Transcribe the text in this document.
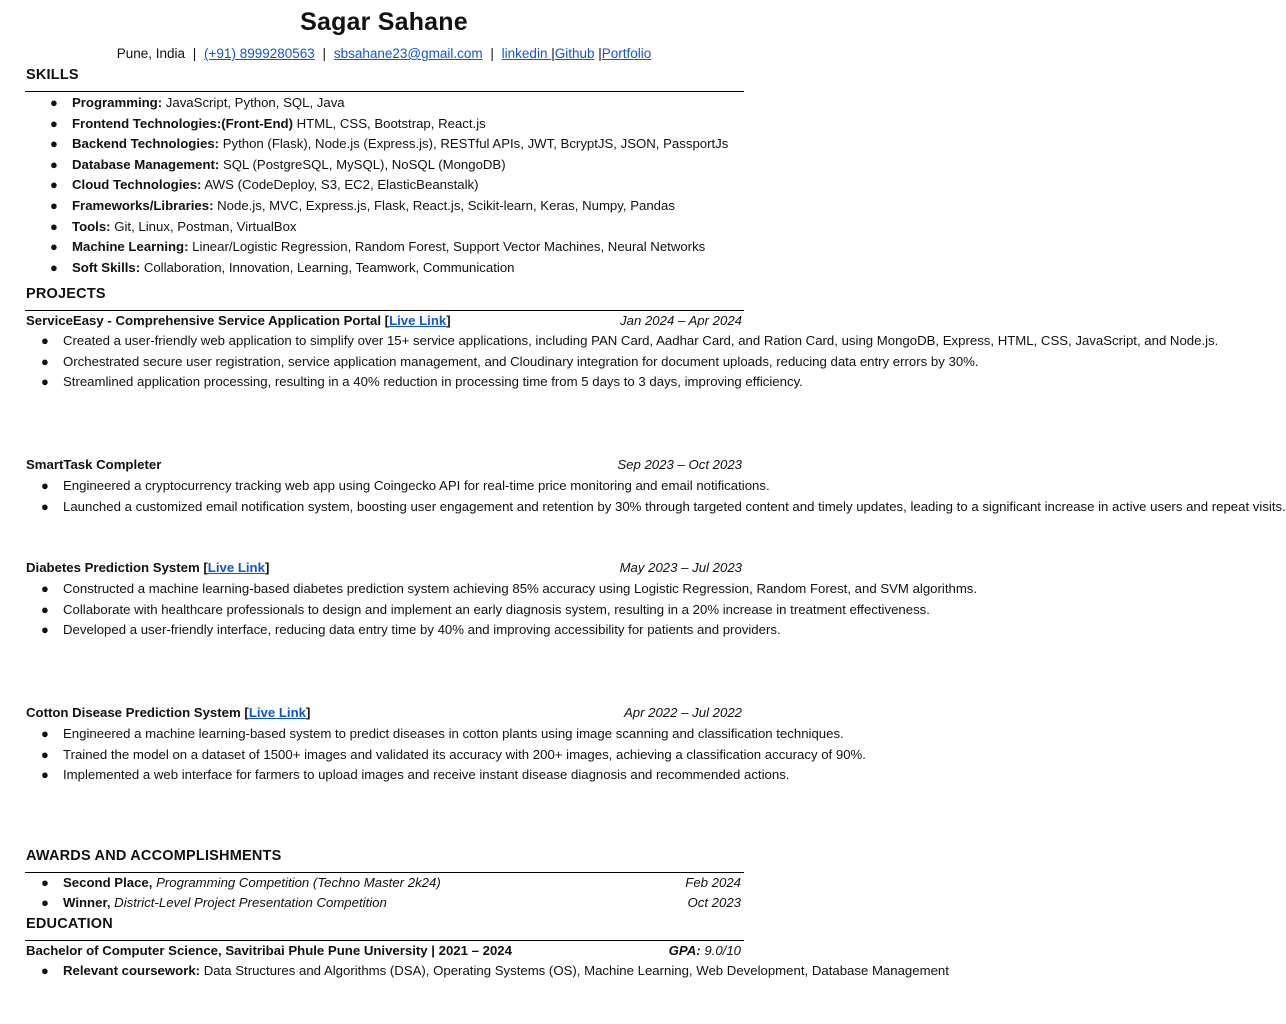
Sagar Sahane
Pune, India | (+91) 8999280563 | sbsahane23@gmail.com | linkedin |Github |Portfolio
SKILLS
● Programming: JavaScript, Python, SQL, Java
● Frontend Technologies:(Front-End) HTML, CSS, Bootstrap, React.js
● Backend Technologies: Python (Flask), Node.js (Express.js), RESTful APIs, JWT, BcryptJS, JSON, PassportJs
● Database Management: SQL (PostgreSQL, MySQL), NoSQL (MongoDB)
● Cloud Technologies: AWS (CodeDeploy, S3, EC2, ElasticBeanstalk)
● Frameworks/Libraries: Node.js, MVC, Express.js, Flask, React.js, Scikit-learn, Keras, Numpy, Pandas
● Tools: Git, Linux, Postman, VirtualBox
● Machine Learning: Linear/Logistic Regression, Random Forest, Support Vector Machines, Neural Networks
● Soft Skills: Collaboration, Innovation, Learning, Teamwork, Communication
PROJECTS
ServiceEasy - Comprehensive Service Application Portal [Live Link]	Jan 2024 – Apr 2024
● Created a user-friendly web application to simplify over 15+ service applications, including PAN Card, Aadhar Card, and Ration Card, using MongoDB, Express, HTML, CSS, JavaScript, and Node.js.
● Orchestrated secure user registration, service application management, and Cloudinary integration for document uploads, reducing data entry errors by 30%.
● Streamlined application processing, resulting in a 40% reduction in processing time from 5 days to 3 days, improving efficiency.
SmartTask Completer	Sep 2023 – Oct 2023
● Engineered a cryptocurrency tracking web app using Coingecko API for real-time price monitoring and email notifications.
● Launched a customized email notification system, boosting user engagement and retention by 30% through targeted content and timely updates, leading to a significant increase in active users and repeat visits.
Diabetes Prediction System [Live Link]	May 2023 – Jul 2023
● Constructed a machine learning-based diabetes prediction system achieving 85% accuracy using Logistic Regression, Random Forest, and SVM algorithms.
● Collaborate with healthcare professionals to design and implement an early diagnosis system, resulting in a 20% increase in treatment effectiveness.
● Developed a user-friendly interface, reducing data entry time by 40% and improving accessibility for patients and providers.
Cotton Disease Prediction System [Live Link]	Apr 2022 – Jul 2022
● Engineered a machine learning-based system to predict diseases in cotton plants using image scanning and classification techniques.
● Trained the model on a dataset of 1500+ images and validated its accuracy with 200+ images, achieving a classification accuracy of 90%.
● Implemented a web interface for farmers to upload images and receive instant disease diagnosis and recommended actions.
AWARDS AND ACCOMPLISHMENTS
● Second Place, Programming Competition (Techno Master 2k24)	Feb 2024
● Winner, District-Level Project Presentation Competition	Oct 2023
EDUCATION
Bachelor of Computer Science, Savitribai Phule Pune University | 2021 – 2024	GPA: 9.0/10
● Relevant coursework: Data Structures and Algorithms (DSA), Operating Systems (OS), Machine Learning, Web Development, Database Management
